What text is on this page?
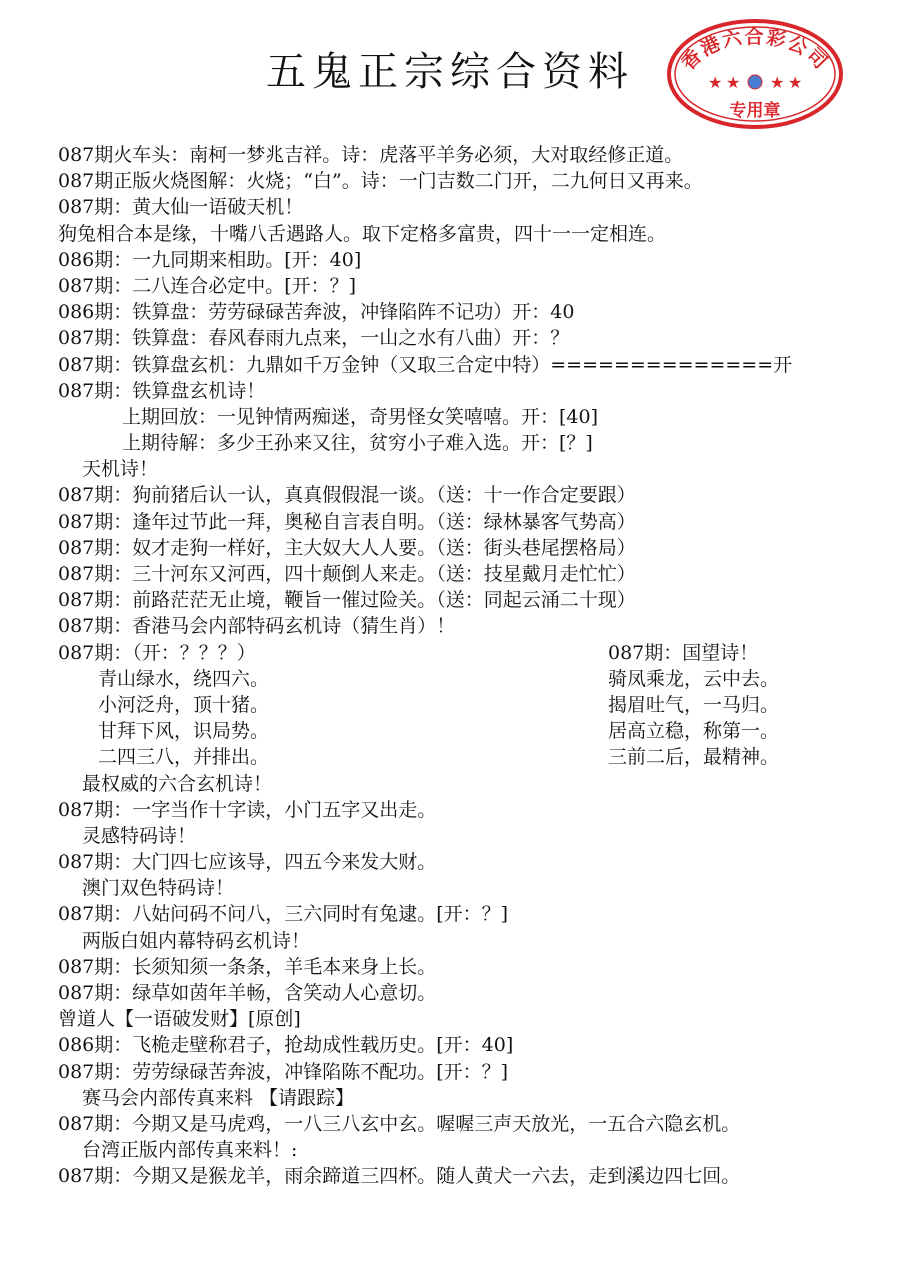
五鬼正宗综合资料	香港六合彩公司
★ ★ ★ ★
专用章
087期火车头：南柯一梦兆吉祥。诗：虎落平羊务必须，大对取经修正道。
087期正版火烧图解：火烧；“白”。诗：一门吉数二门开，二九何日又再来。
087期：黄大仙一语破天机！
狗兔相合本是缘，十嘴八舌遇路人。取下定格多富贵，四十一一定相连。
086期：一九同期来相助。[开：40]
087期：二八连合必定中。[开：？]
086期：铁算盘：劳劳碌碌苦奔波，冲锋陷阵不记功）开：40
087期：铁算盘：春风春雨九点来，一山之水有八曲）开：？
087期：铁算盘玄机：九鼎如千万金钟（又取三合定中特）==============开
087期：铁算盘玄机诗！
上期回放：一见钟情两痴迷，奇男怪女笑嘻嘻。开：[40]
上期待解：多少王孙来又往，贫穷小子难入选。开：[？]
天机诗！
087期：狗前猪后认一认，真真假假混一谈。（送：十一作合定要跟）
087期：逢年过节此一拜，奥秘自言表自明。（送：绿林暴客气势高）
087期：奴才走狗一样好，主大奴大人人要。（送：街头巷尾摆格局）
087期：三十河东又河西，四十颠倒人来走。（送：技星戴月走忙忙）
087期：前路茫茫无止境，鞭旨一催过险关。（送：同起云涌二十现）
087期：香港马会内部特码玄机诗（猜生肖）！
087期：（开：？？？）
青山绿水，绕四六。
小河泛舟，顶十猪。
甘拜下风，识局势。
二四三八，并排出。
087期：国望诗！
骑凤乘龙，云中去。
揭眉吐气，一马归。
居高立稳，称第一。
三前二后，最精神。
最权威的六合玄机诗！
087期：一字当作十字读，小门五字又出走。
灵感特码诗！
087期：大门四七应该导，四五今来发大财。
澳门双色特码诗！
087期：八姑问码不问八，三六同时有兔逮。[开：？]
两版白姐内幕特码玄机诗！
087期：长须知须一条条，羊毛本来身上长。
087期：绿草如茵年羊畅，含笑动人心意切。
曾道人【一语破发财】[原创]
086期：飞桅走壁称君子，抢劫成性载历史。[开：40]
087期：劳劳绿碌苦奔波，冲锋陷陈不配功。[开：？]
赛马会内部传真来料 【请跟踪】
087期：今期又是马虎鸡，一八三八玄中玄。喔喔三声天放光，一五合六隐玄机。
台湾正版内部传真来料！:
087期：今期又是猴龙羊，雨余蹄道三四杯。随人黄犬一六去，走到溪边四七回。
